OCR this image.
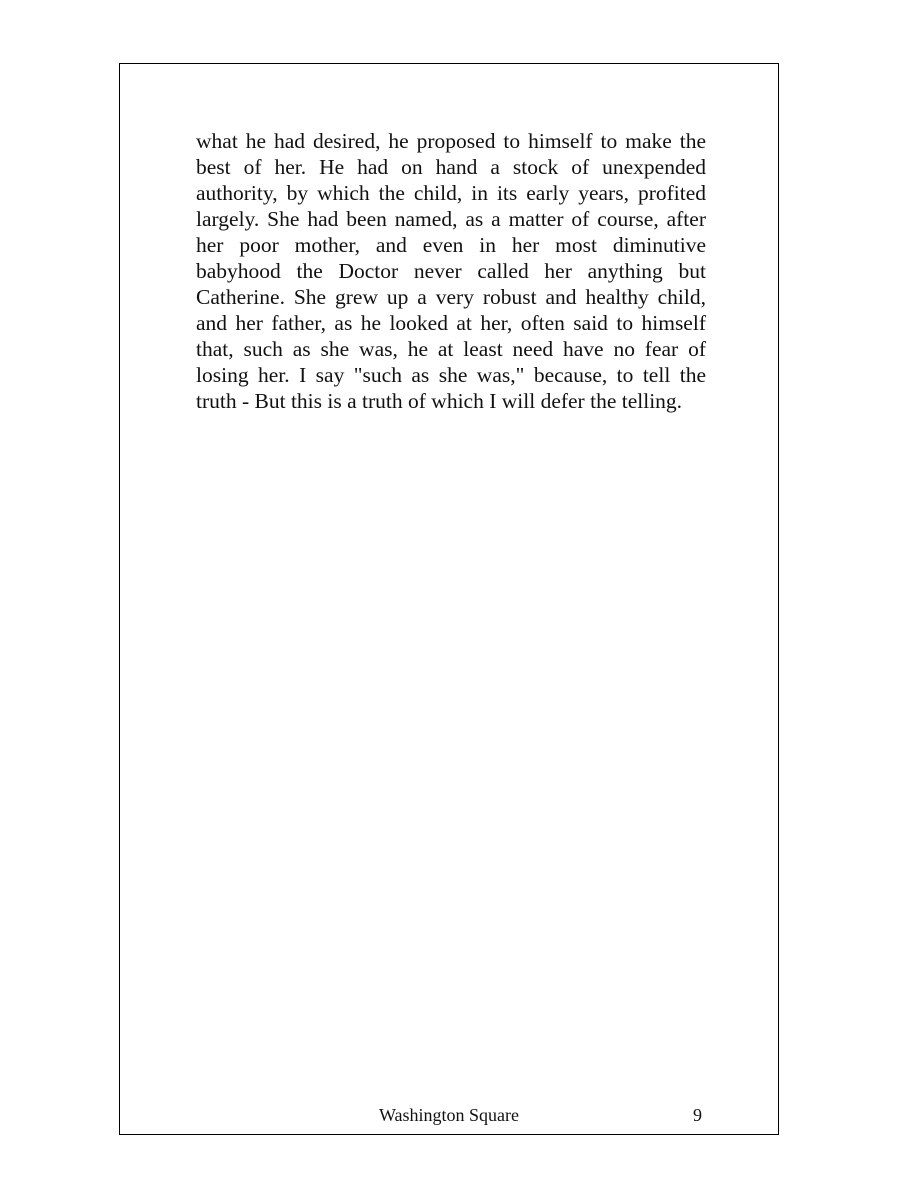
what he had desired, he proposed to himself to make the best of her. He had on hand a stock of unexpended authority, by which the child, in its early years, profited largely. She had been named, as a matter of course, after her poor mother, and even in her most diminutive babyhood the Doctor never called her anything but Catherine. She grew up a very robust and healthy child, and her father, as he looked at her, often said to himself that, such as she was, he at least need have no fear of losing her. I say "such as she was," because, to tell the truth - But this is a truth of which I will defer the telling.

Washington Square	9
